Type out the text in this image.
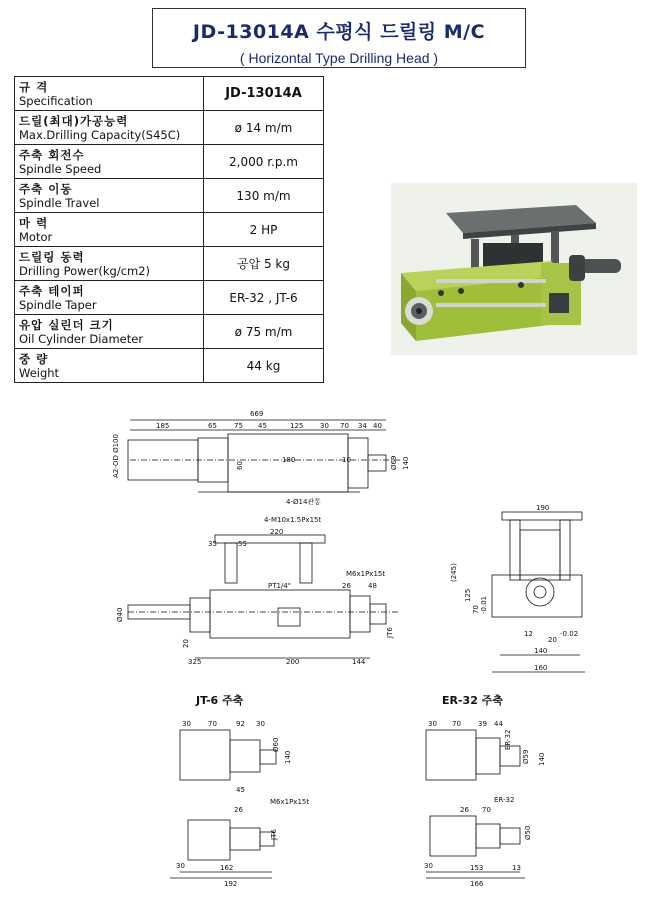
JD-13014A 수평식 드릴링 M/C
( Horizontal Type Drilling Head )
규 격
Specification	JD-13014A

드릴(최대)가공능력
Max.Drilling Capacity(S45C)	ø 14 m/m

주축 회전수
Spindle Speed	2,000 r.p.m

주축 이동
Spindle Travel	130 m/m

마 력
Motor	2 HP

드릴링 동력
Drilling Power(kg/cm2)	공압 5 kg

주축 테이퍼
Spindle Taper	ER-32 , JT-6

유압 실린더 크기
Oil Cylinder Diameter	ø 75 m/m

중 량
Weight	44 kg
669
185	65 75 45	125 30 70 34 40
A2-OD Ø100	180	10
60	Ø69 140
4-Ø14관통
4-M10x1.5Px15t
220
35	55
PT1/4"
M6x1Px15t
26 48
Ø40
20
JT6
325	200	144
190
(245)
125
70 -0.01
12
20
-0.02
140
160
JT-6 주축	ER-32 주축
30 70	92 30
26
45
140
162
192
30
Ø60
M6x1Px15t
JT6
30 70 39 44
26 70
140
153
166
13
30
ER-32
Ø59
ER-32
Ø50
